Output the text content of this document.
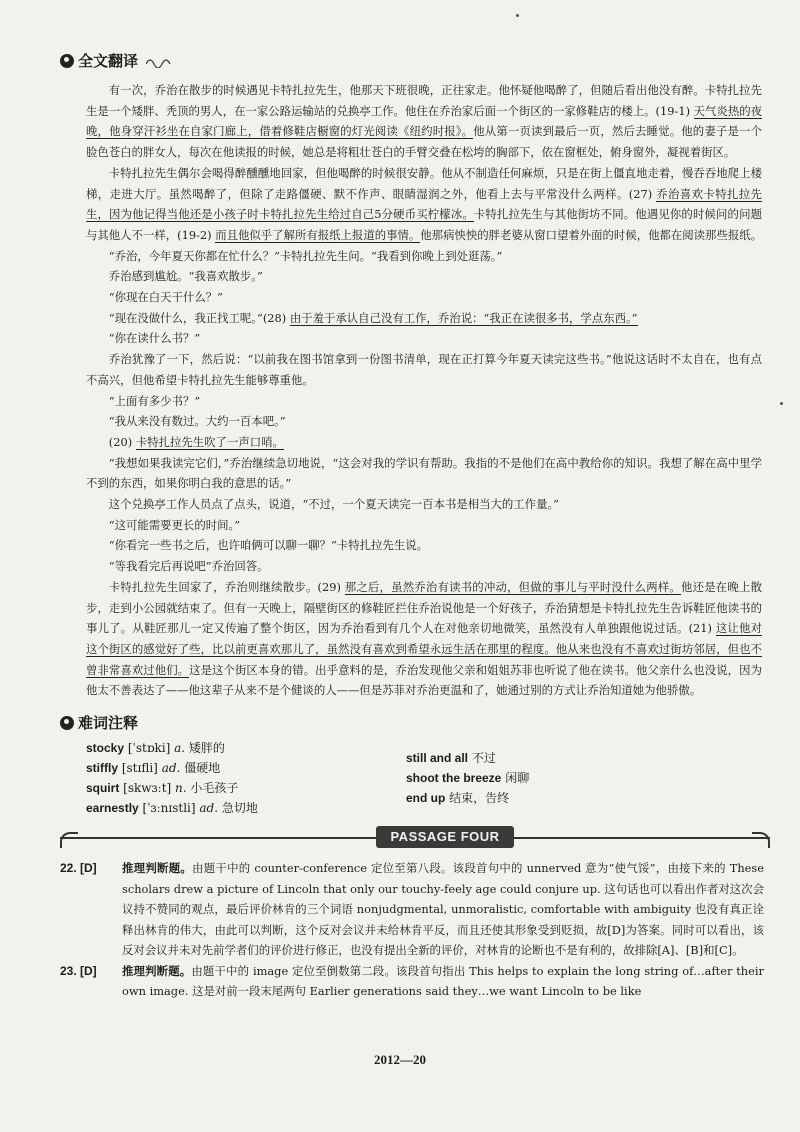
全文翻译

有一次，乔治在散步的时候遇见卡特扎拉先生，他那天下班很晚，正往家走。他怀疑他喝醉了，但随后看出他没有醉。卡特扎拉先生是一个矮胖、秃顶的男人，在一家公路运输站的兑换亭工作。他住在乔治家后面一个街区的一家修鞋店的楼上。(19-1) 天气炎热的夜晚，他身穿汗衫坐在自家门廊上，借着修鞋店橱窗的灯光阅读《纽约时报》。他从第一页读到最后一页，然后去睡觉。他的妻子是一个脸色苍白的胖女人，每次在他读报的时候，她总是将粗壮苍白的手臂交叠在松垮的胸部下，依在窗框处，俯身窗外，凝视着街区。

卡特扎拉先生偶尔会喝得醉醺醺地回家，但他喝醉的时候很安静。他从不制造任何麻烦，只是在街上僵直地走着，慢吞吞地爬上楼梯，走进大厅。虽然喝醉了，但除了走路僵硬、默不作声、眼睛湿润之外，他看上去与平常没什么两样。(27) 乔治喜欢卡特扎拉先生，因为他记得当他还是小孩子时卡特扎拉先生给过自己5分硬币买柠檬冰。卡特扎拉先生与其他街坊不同。他遇见你的时候问的问题与其他人不一样，(19-2) 而且他似乎了解所有报纸上报道的事情。他那病怏怏的胖老婆从窗口望着外面的时候，他都在阅读那些报纸。

“乔治，今年夏天你都在忙什么？”卡特扎拉先生问。“我看到你晚上到处逛荡。”

乔治感到尴尬。“我喜欢散步。”

“你现在白天干什么？”

“现在没做什么，我正找工呢。”(28) 由于羞于承认自己没有工作，乔治说：“我正在读很多书，学点东西。”

“你在读什么书？”

乔治犹豫了一下，然后说：“以前我在图书馆拿到一份图书清单，现在正打算今年夏天读完这些书。”他说这话时不太自在，也有点不高兴，但他希望卡特扎拉先生能够尊重他。

“上面有多少书？”

“我从来没有数过。大约一百本吧。”

(20) 卡特扎拉先生吹了一声口哨。

“我想如果我读完它们，”乔治继续急切地说，“这会对我的学识有帮助。我指的不是他们在高中教给你的知识。我想了解在高中里学不到的东西，如果你明白我的意思的话。”

这个兑换亭工作人员点了点头，说道，“不过，一个夏天读完一百本书是相当大的工作量。”

“这可能需要更长的时间。”

“你看完一些书之后，也许咱俩可以聊一聊？”卡特扎拉先生说。

“等我看完后再说吧”乔治回答。

卡特扎拉先生回家了，乔治则继续散步。(29) 那之后，虽然乔治有读书的冲动，但做的事儿与平时没什么两样。他还是在晚上散步，走到小公园就结束了。但有一天晚上，隔壁街区的修鞋匠拦住乔治说他是一个好孩子，乔治猜想是卡特扎拉先生告诉鞋匠他读书的事儿了。从鞋匠那儿一定又传遍了整个街区，因为乔治看到有几个人在对他亲切地微笑，虽然没有人单独跟他说过话。(21) 这让他对这个街区的感觉好了些，比以前更喜欢那儿了，虽然没有喜欢到希望永远生活在那里的程度。他从来也没有不喜欢过街坊邻居，但也不曾非常喜欢过他们。这是这个街区本身的错。出乎意料的是，乔治发现他父亲和姐姐苏菲也听说了他在读书。他父亲什么也没说，因为他太不善表达了——他这辈子从来不是个健谈的人——但是苏菲对乔治更温和了，她通过别的方式让乔治知道她为他骄傲。

难词注释
stocky [ˈstɒki] a. 矮胖的
stiffly [stɪfli] ad. 僵硬地
squirt [skwɜːt] n. 小毛孩子
earnestly [ˈɜːnɪstli] ad. 急切地
still and all 不过
shoot the breeze 闲聊
end up 结束，告终
PASSAGE FOUR
22. [D] 推理判断题。由题干中的 counter-conference 定位至第八段。该段首句中的 unnerved 意为“使气馁”，由接下来的 These scholars drew a picture of Lincoln that only our touchy-feely age could conjure up. 这句话也可以看出作者对这次会议持不赞同的观点，最后评价林肯的三个词语 nonjudgmental, unmoralistic, comfortable with ambiguity 也没有真正诠释出林肯的伟大，由此可以判断，这个反对会议并未给林肯平反，而且还使其形象受到贬损，故[D]为答案。同时可以看出，该反对会议并未对先前学者们的评价进行修正，也没有提出全新的评价，对林肯的论断也不是有利的，故排除[A]、[B]和[C]。
23. [D] 推理判断题。由题干中的 image 定位至倒数第二段。该段首句指出 This helps to explain the long string of…after their own image. 这是对前一段末尾两句 Earlier generations said they…we want Lincoln to be like
2012—20
